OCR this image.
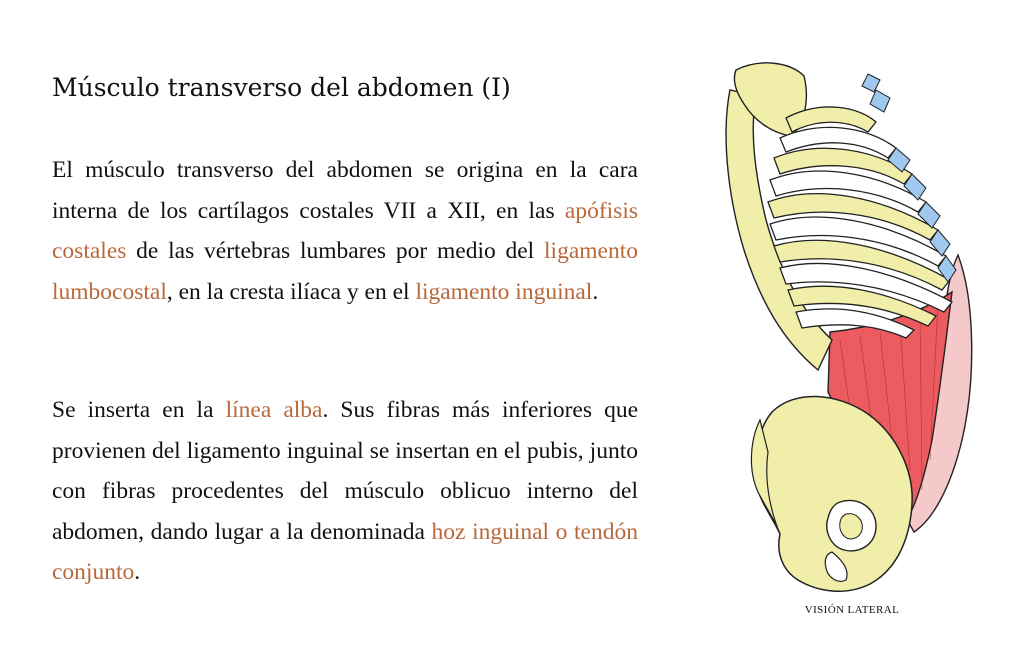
Músculo transverso del abdomen (I)

El músculo transverso del abdomen se origina en la cara interna de los cartílagos costales VII a XII, en las apófisis costales de las vértebras lumbares por medio del ligamento lumbocostal, en la cresta ilíaca y en el ligamento inguinal.

Se inserta en la línea alba. Sus fibras más inferiores que provienen del ligamento inguinal se insertan en el pubis, junto con fibras procedentes del músculo oblicuo interno del abdomen, dando lugar a la denominada hoz inguinal o tendón conjunto.

VISIÓN LATERAL
